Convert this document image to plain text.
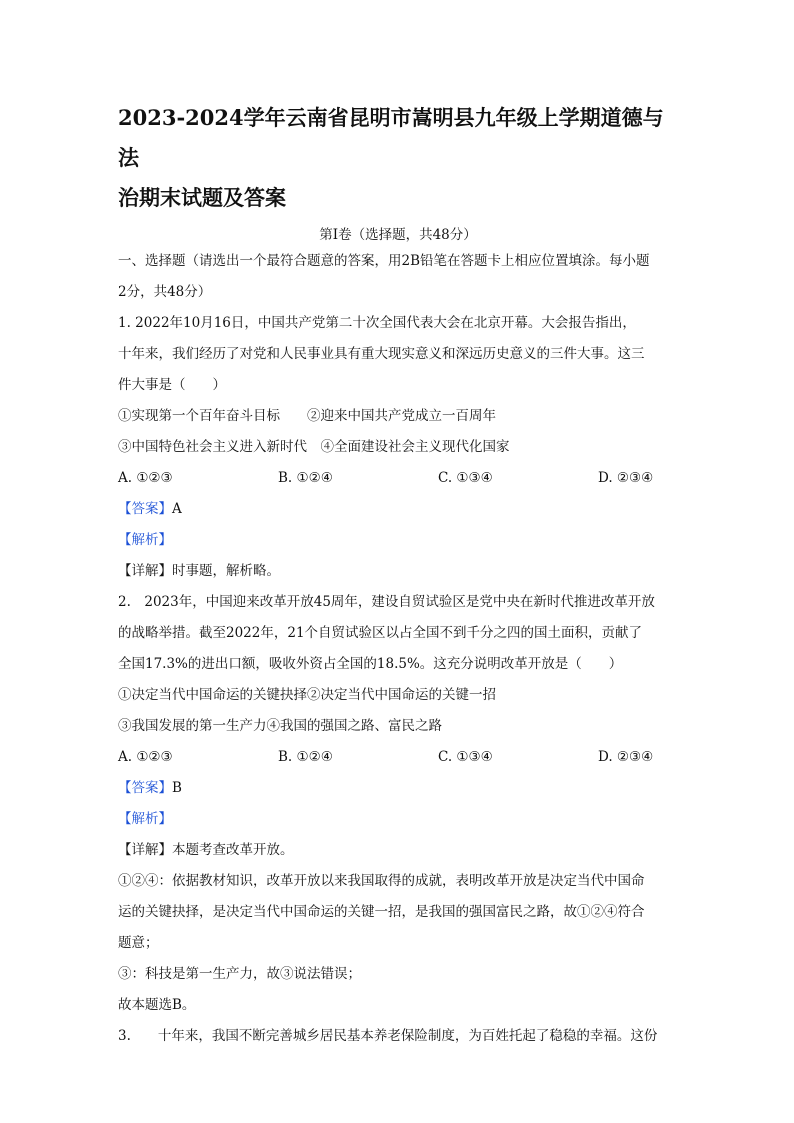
2023-2024学年云南省昆明市嵩明县九年级上学期道德与法

治期末试题及答案

第I卷（选择题，共48分）

一、选择题（请选出一个最符合题意的答案，用2B铅笔在答题卡上相应位置填涂。每小题

2分，共48分）

1. 2022年10月16日，中国共产党第二十次全国代表大会在北京开幕。大会报告指出，

十年来，我们经历了对党和人民事业具有重大现实意义和深远历史意义的三件大事。这三

件大事是（　　）

①实现第一个百年奋斗目标　　②迎来中国共产党成立一百周年

③中国特色社会主义进入新时代　④全面建设社会主义现代化国家

A. ①②③	B. ①②④	C. ①③④	D. ②③④

【答案】A

【解析】

【详解】时事题，解析略。

2.　2023年，中国迎来改革开放45周年，建设自贸试验区是党中央在新时代推进改革开放

的战略举措。截至2022年，21个自贸试验区以占全国不到千分之四的国土面积，贡献了

全国17.3%的进出口额，吸收外资占全国的18.5%。这充分说明改革开放是（　　）

①决定当代中国命运的关键抉择②决定当代中国命运的关键一招

③我国发展的第一生产力④我国的强国之路、富民之路

A. ①②③	B. ①②④	C. ①③④	D. ②③④

【答案】B

【解析】

【详解】本题考查改革开放。

①②④：依据教材知识，改革开放以来我国取得的成就，表明改革开放是决定当代中国命

运的关键抉择，是决定当代中国命运的关键一招，是我国的强国富民之路，故①②④符合

题意；

③：科技是第一生产力，故③说法错误；

故本题选B。

3.　　十年来，我国不断完善城乡居民基本养老保险制度，为百姓托起了稳稳的幸福。这份
